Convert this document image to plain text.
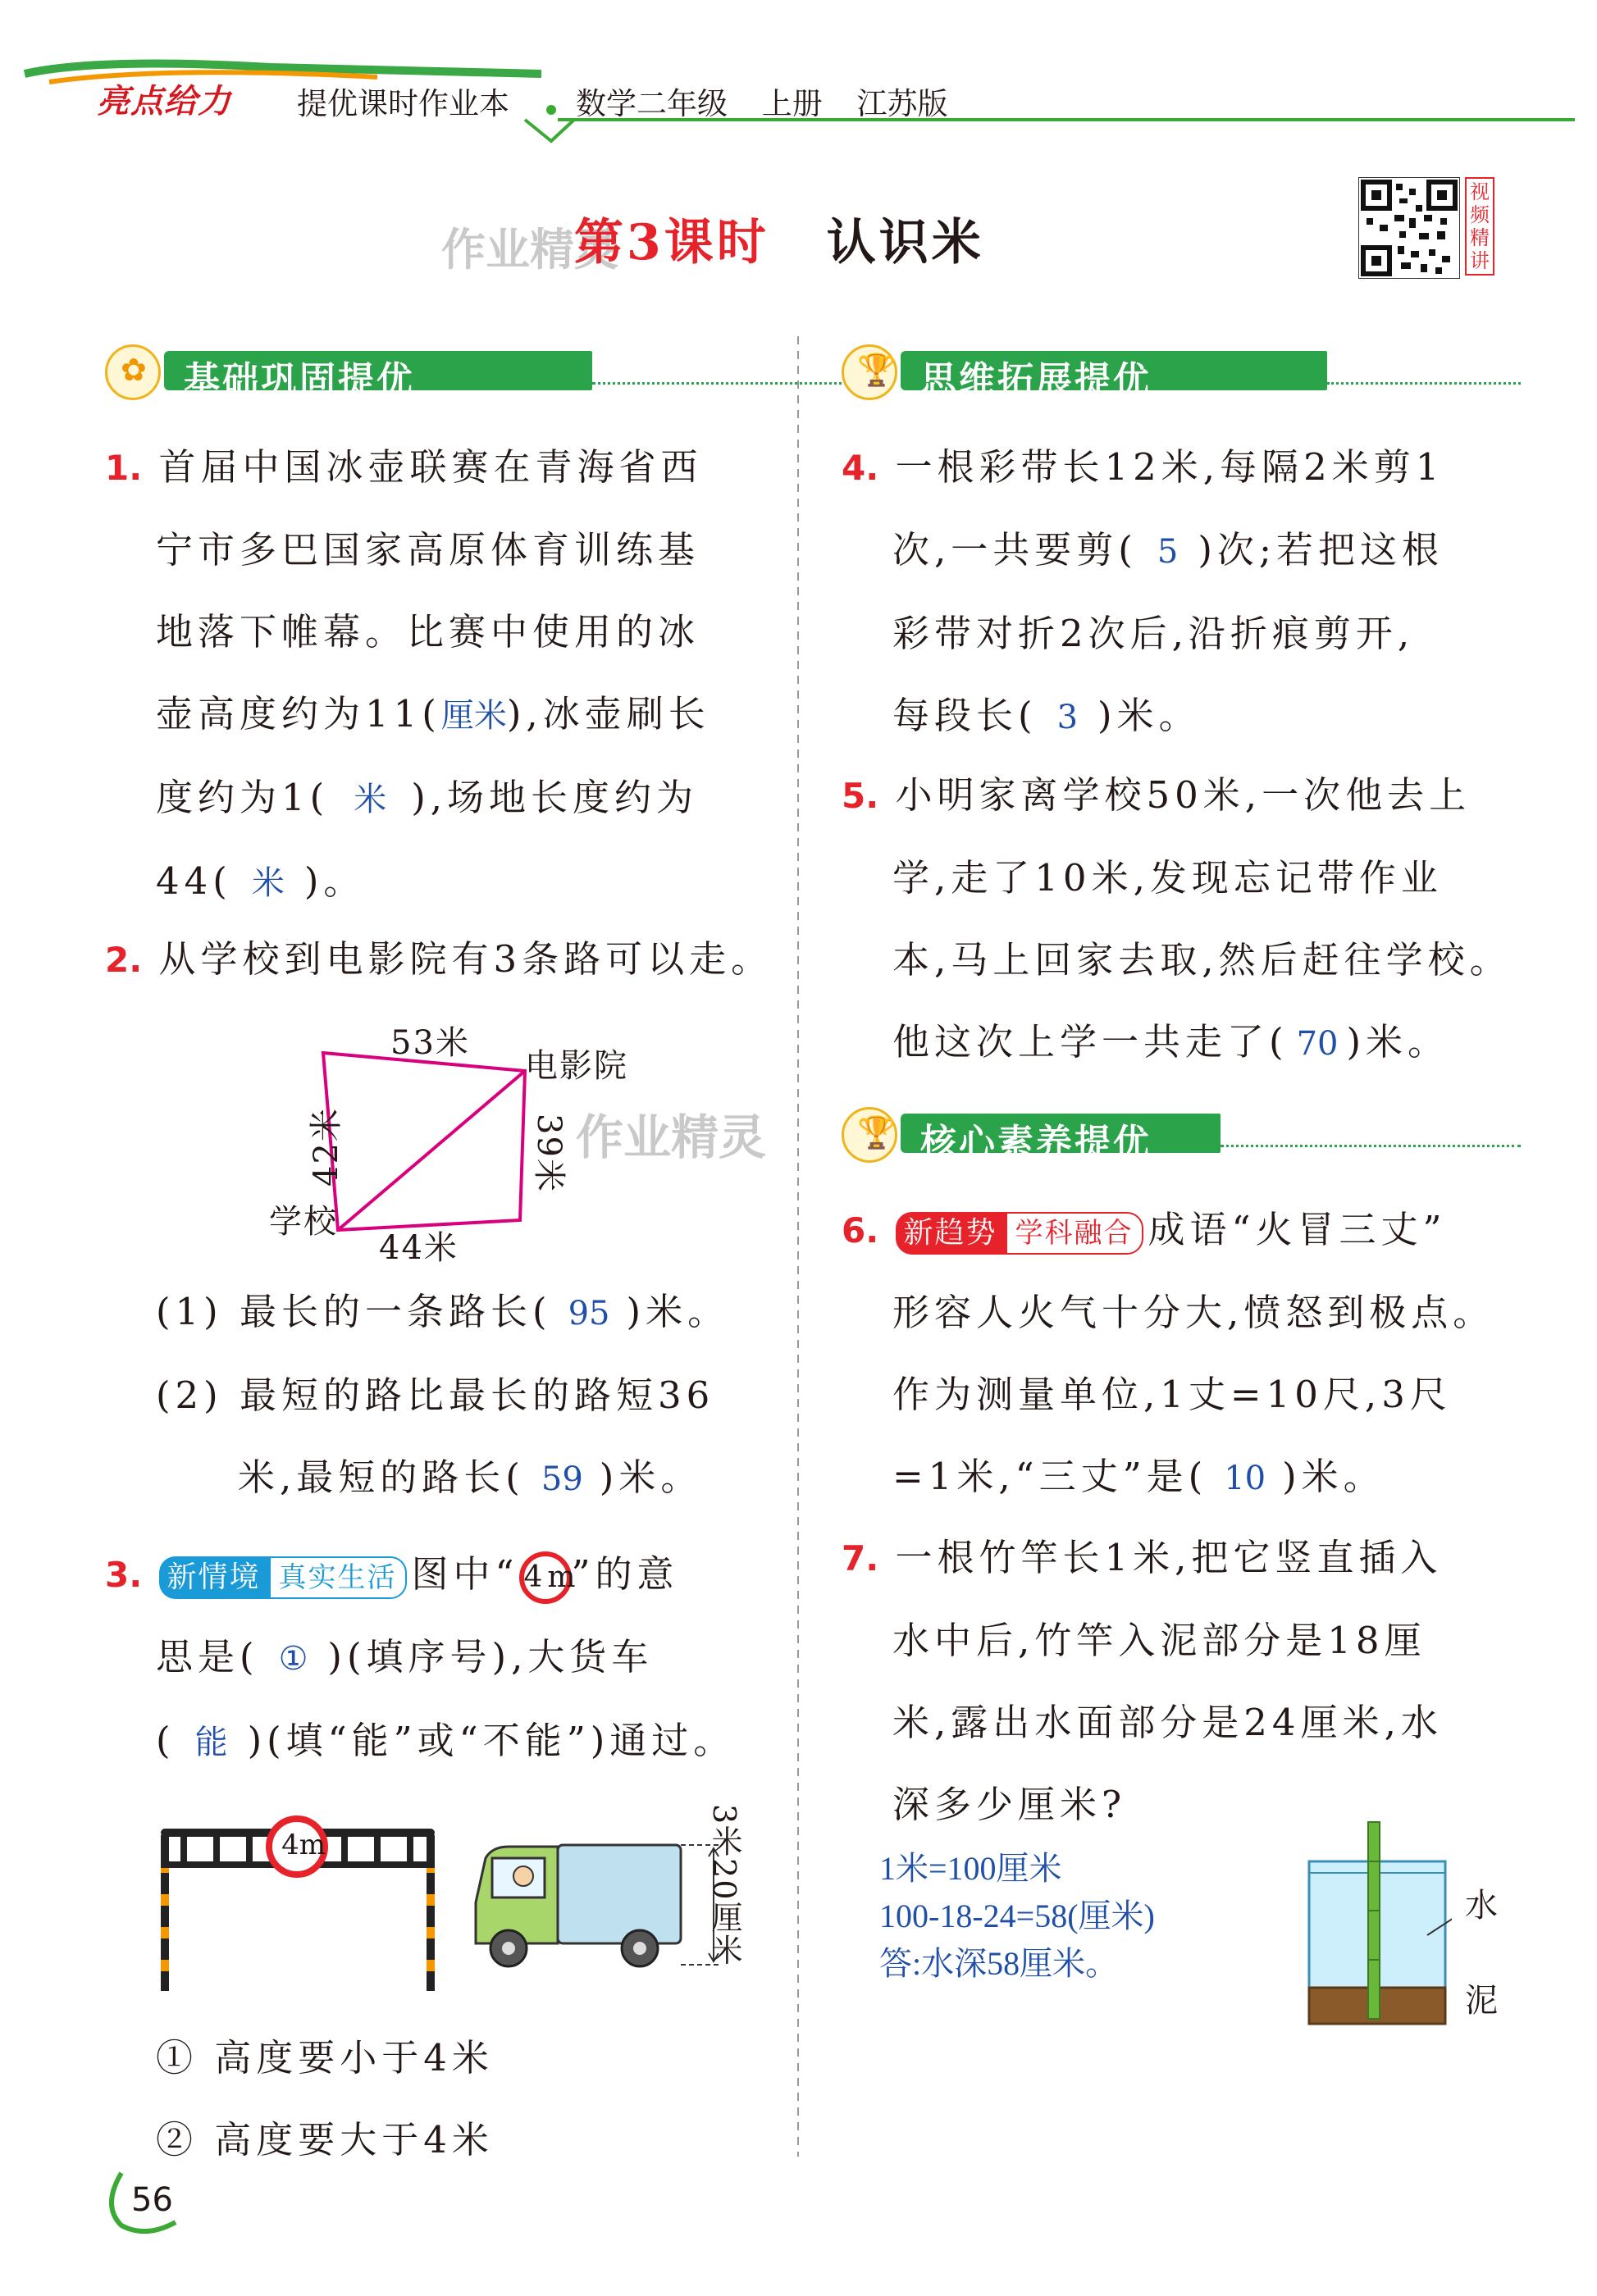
亮点给力 提优课时作业本 数学二年级 上册 江苏版
作业精灵
第3课时 认识米
视频精讲
✿ 基础巩固提优
1. 首届中国冰壶联赛在青海省西
宁市多巴国家高原体育训练基
地落下帷幕。比赛中使用的冰
壶高度约为11(厘米),冰壶刷长
度约为1( 米 ),场地长度约为
44( 米 )。
2. 从学校到电影院有3条路可以走。
53米
电影院
42米	39米
学校
44米
作业精灵
(1) 最长的一条路长( 95 )米。
(2) 最短的路比最长的路短36
米,最短的路长( 59 )米。
3. 新情境 真实生活 图中“ 4m”的意
思是( ① )(填序号),大货车
( 能 )(填“能”或“不能”)通过。
4m	3米20厘米
① 高度要小于4米
② 高度要大于4米
🏆 思维拓展提优
4. 一根彩带长12米,每隔2米剪1
次,一共要剪( 5 )次;若把这根
彩带对折2次后,沿折痕剪开,
每段长( 3 )米。
5. 小明家离学校50米,一次他去上
学,走了10米,发现忘记带作业
本,马上回家去取,然后赶往学校。
他这次上学一共走了( 70 )米。
🏆 核心素养提优
6. 新趋势 学科融合 成语“火冒三丈”
形容人火气十分大,愤怒到极点。
作为测量单位,1丈=10尺,3尺
=1米,“三丈”是( 10 )米。
7. 一根竹竿长1米,把它竖直插入
水中后,竹竿入泥部分是18厘
米,露出水面部分是24厘米,水
深多少厘米?
1米=100厘米
100-18-24=58(厘米)
答:水深58厘米。
水
泥
56
